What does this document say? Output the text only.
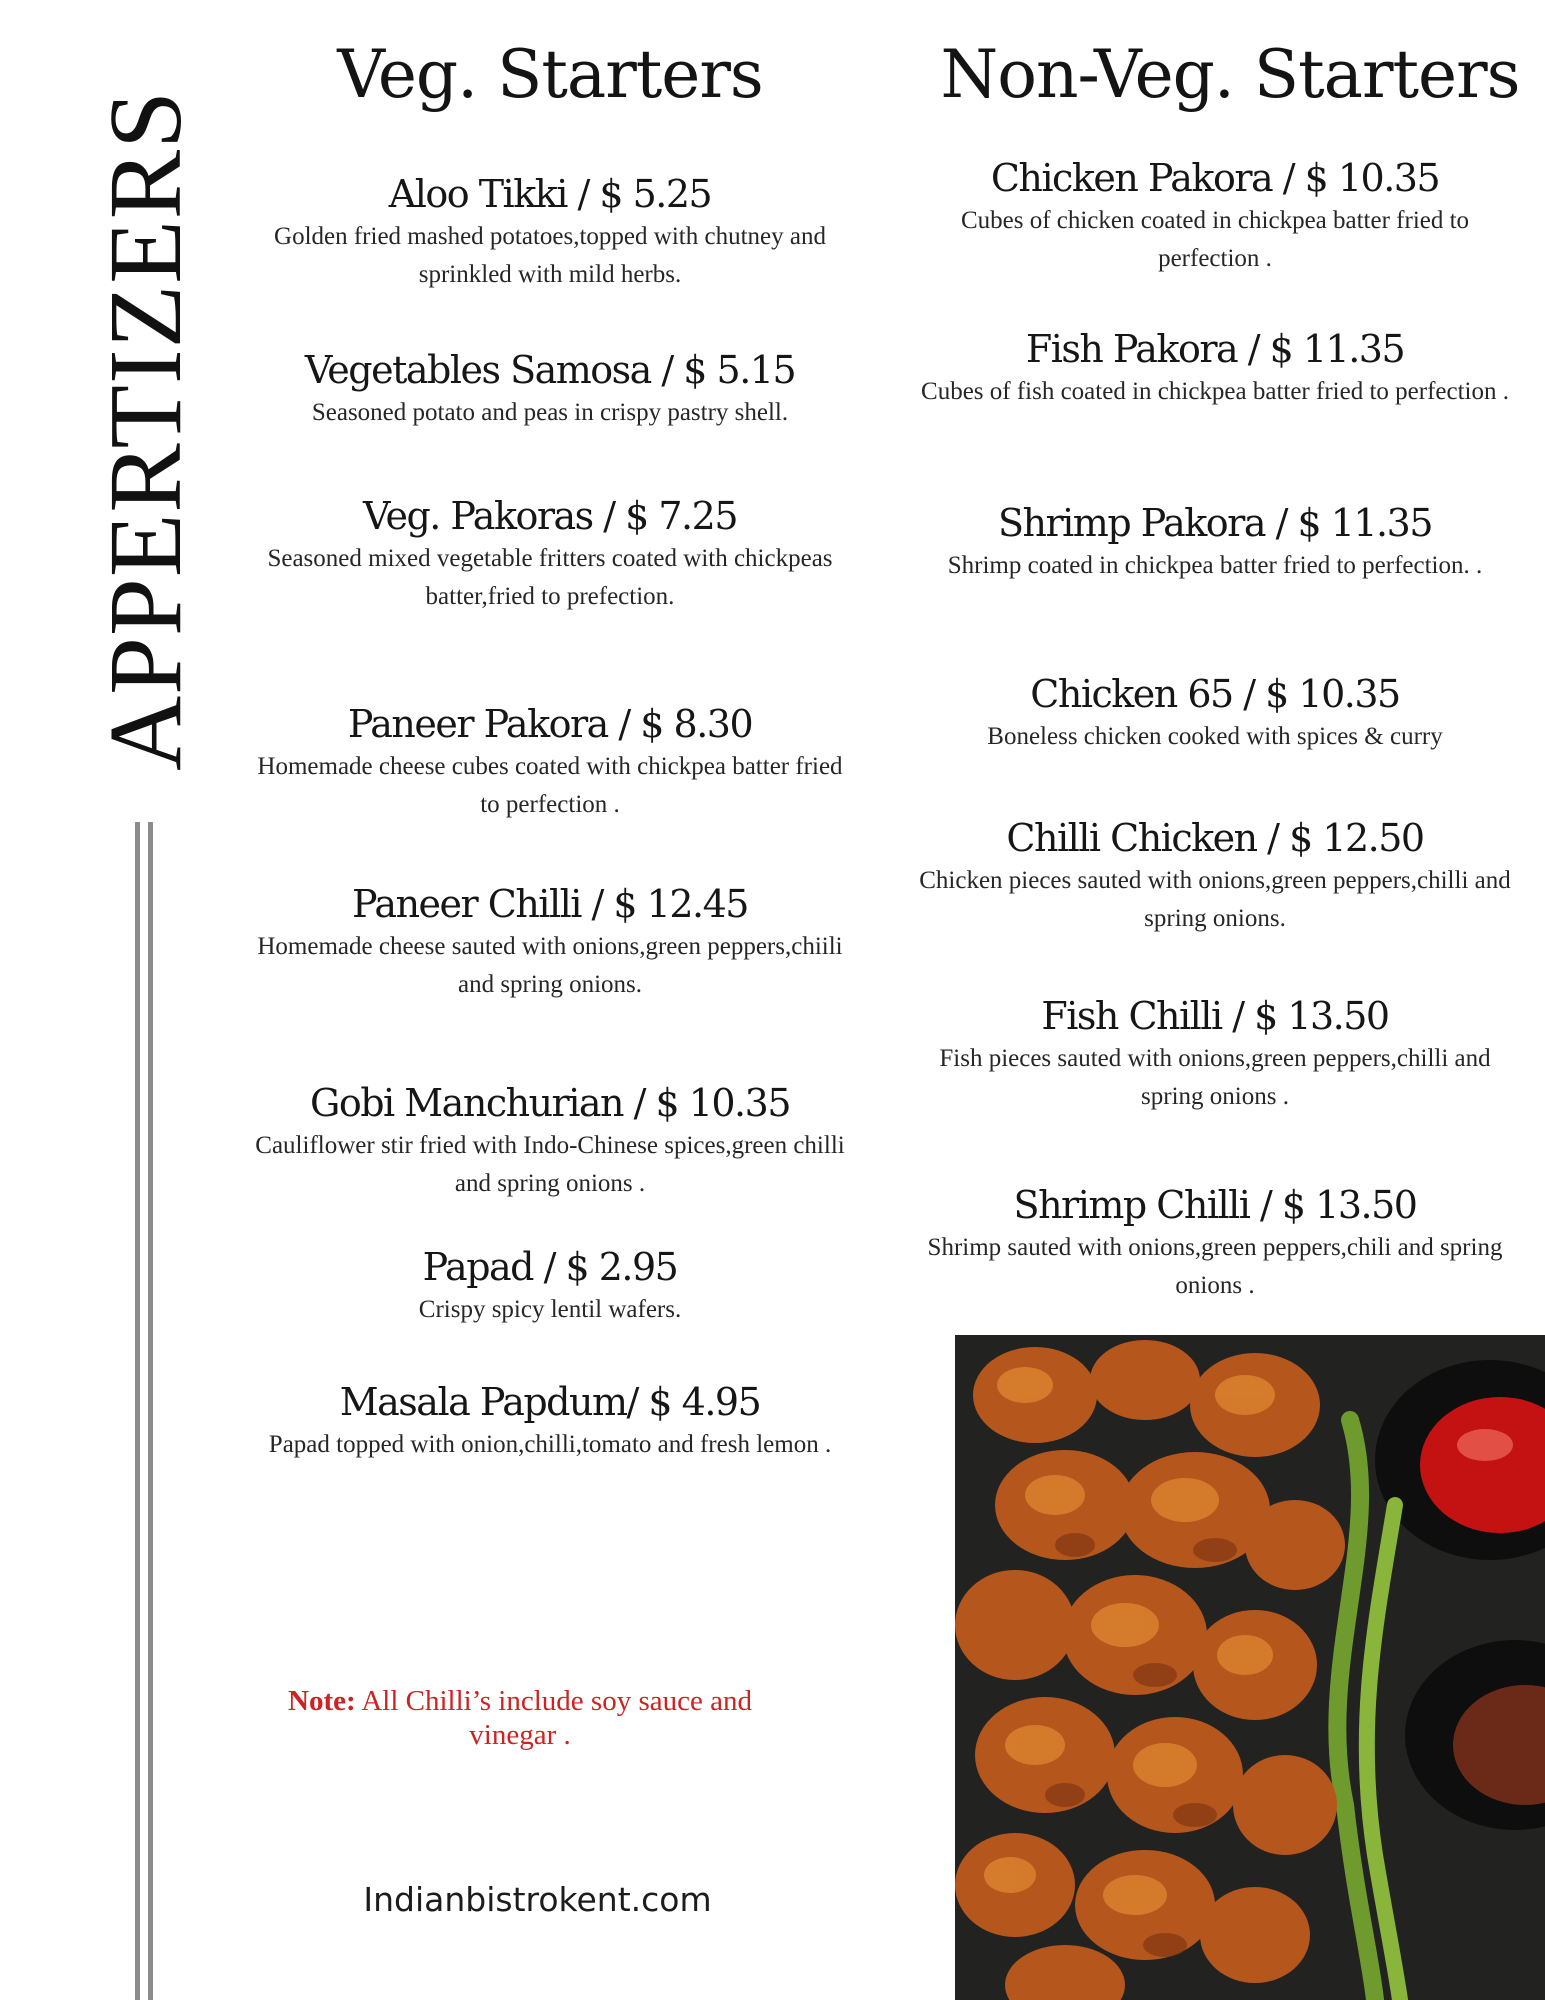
APPERTIZERS
Veg. Starters	Non-Veg. Starters
Aloo Tikki / $ 5.25
Golden fried mashed potatoes,topped with chutney and sprinkled with mild herbs.
Vegetables Samosa / $ 5.15
Seasoned potato and peas in crispy pastry shell.
Veg. Pakoras / $ 7.25
Seasoned mixed vegetable fritters coated with chickpeas batter,fried to prefection.
Paneer Pakora / $ 8.30
Homemade cheese cubes coated with chickpea batter fried to perfection .
Paneer Chilli / $ 12.45
Homemade cheese sauted with onions,green peppers,chiili and spring onions.
Gobi Manchurian / $ 10.35
Cauliflower stir fried with Indo-Chinese spices,green chilli and spring onions .
Papad / $ 2.95
Crispy spicy lentil wafers.
Masala Papdum/ $ 4.95
Papad topped with onion,chilli,tomato and fresh lemon .
Chicken Pakora / $ 10.35
Cubes of chicken coated in chickpea batter fried to perfection .
Fish Pakora / $ 11.35
Cubes of fish coated in chickpea batter fried to perfection .
Shrimp Pakora / $ 11.35
Shrimp coated in chickpea batter fried to perfection. .
Chicken 65 / $ 10.35
Boneless chicken cooked with spices & curry
Chilli Chicken / $ 12.50
Chicken pieces sauted with onions,green peppers,chilli and spring onions.
Fish Chilli / $ 13.50
Fish pieces sauted with onions,green peppers,chilli and spring onions .
Shrimp Chilli / $ 13.50
Shrimp sauted with onions,green peppers,chili and spring onions .
Note: All Chilli’s include soy sauce and vinegar .
Indianbistrokent.com
